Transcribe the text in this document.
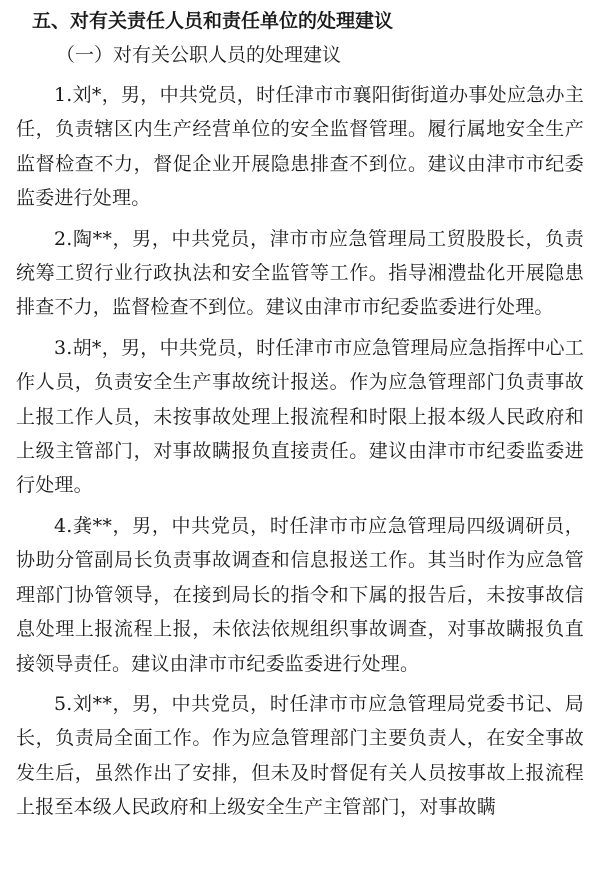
五、对有关责任人员和责任单位的处理建议
（一）对有关公职人员的处理建议

1.刘*，男，中共党员，时任津市市襄阳街街道办事处应急办主任，负责辖区内生产经营单位的安全监督管理。履行属地安全生产监督检查不力，督促企业开展隐患排查不到位。建议由津市市纪委监委进行处理。

2.陶**，男，中共党员，津市市应急管理局工贸股股长，负责统筹工贸行业行政执法和安全监管等工作。指导湘澧盐化开展隐患排查不力，监督检查不到位。建议由津市市纪委监委进行处理。

3.胡*，男，中共党员，时任津市市应急管理局应急指挥中心工作人员，负责安全生产事故统计报送。作为应急管理部门负责事故上报工作人员，未按事故处理上报流程和时限上报本级人民政府和上级主管部门，对事故瞒报负直接责任。建议由津市市纪委监委进行处理。

4.龚**，男，中共党员，时任津市市应急管理局四级调研员，协助分管副局长负责事故调查和信息报送工作。其当时作为应急管理部门协管领导，在接到局长的指令和下属的报告后，未按事故信息处理上报流程上报，未依法依规组织事故调查，对事故瞒报负直接领导责任。建议由津市市纪委监委进行处理。

5.刘**，男，中共党员，时任津市市应急管理局党委书记、局长，负责局全面工作。作为应急管理部门主要负责人，在安全事故发生后，虽然作出了安排，但未及时督促有关人员按事故上报流程上报至本级人民政府和上级安全生产主管部门，对事故瞒
